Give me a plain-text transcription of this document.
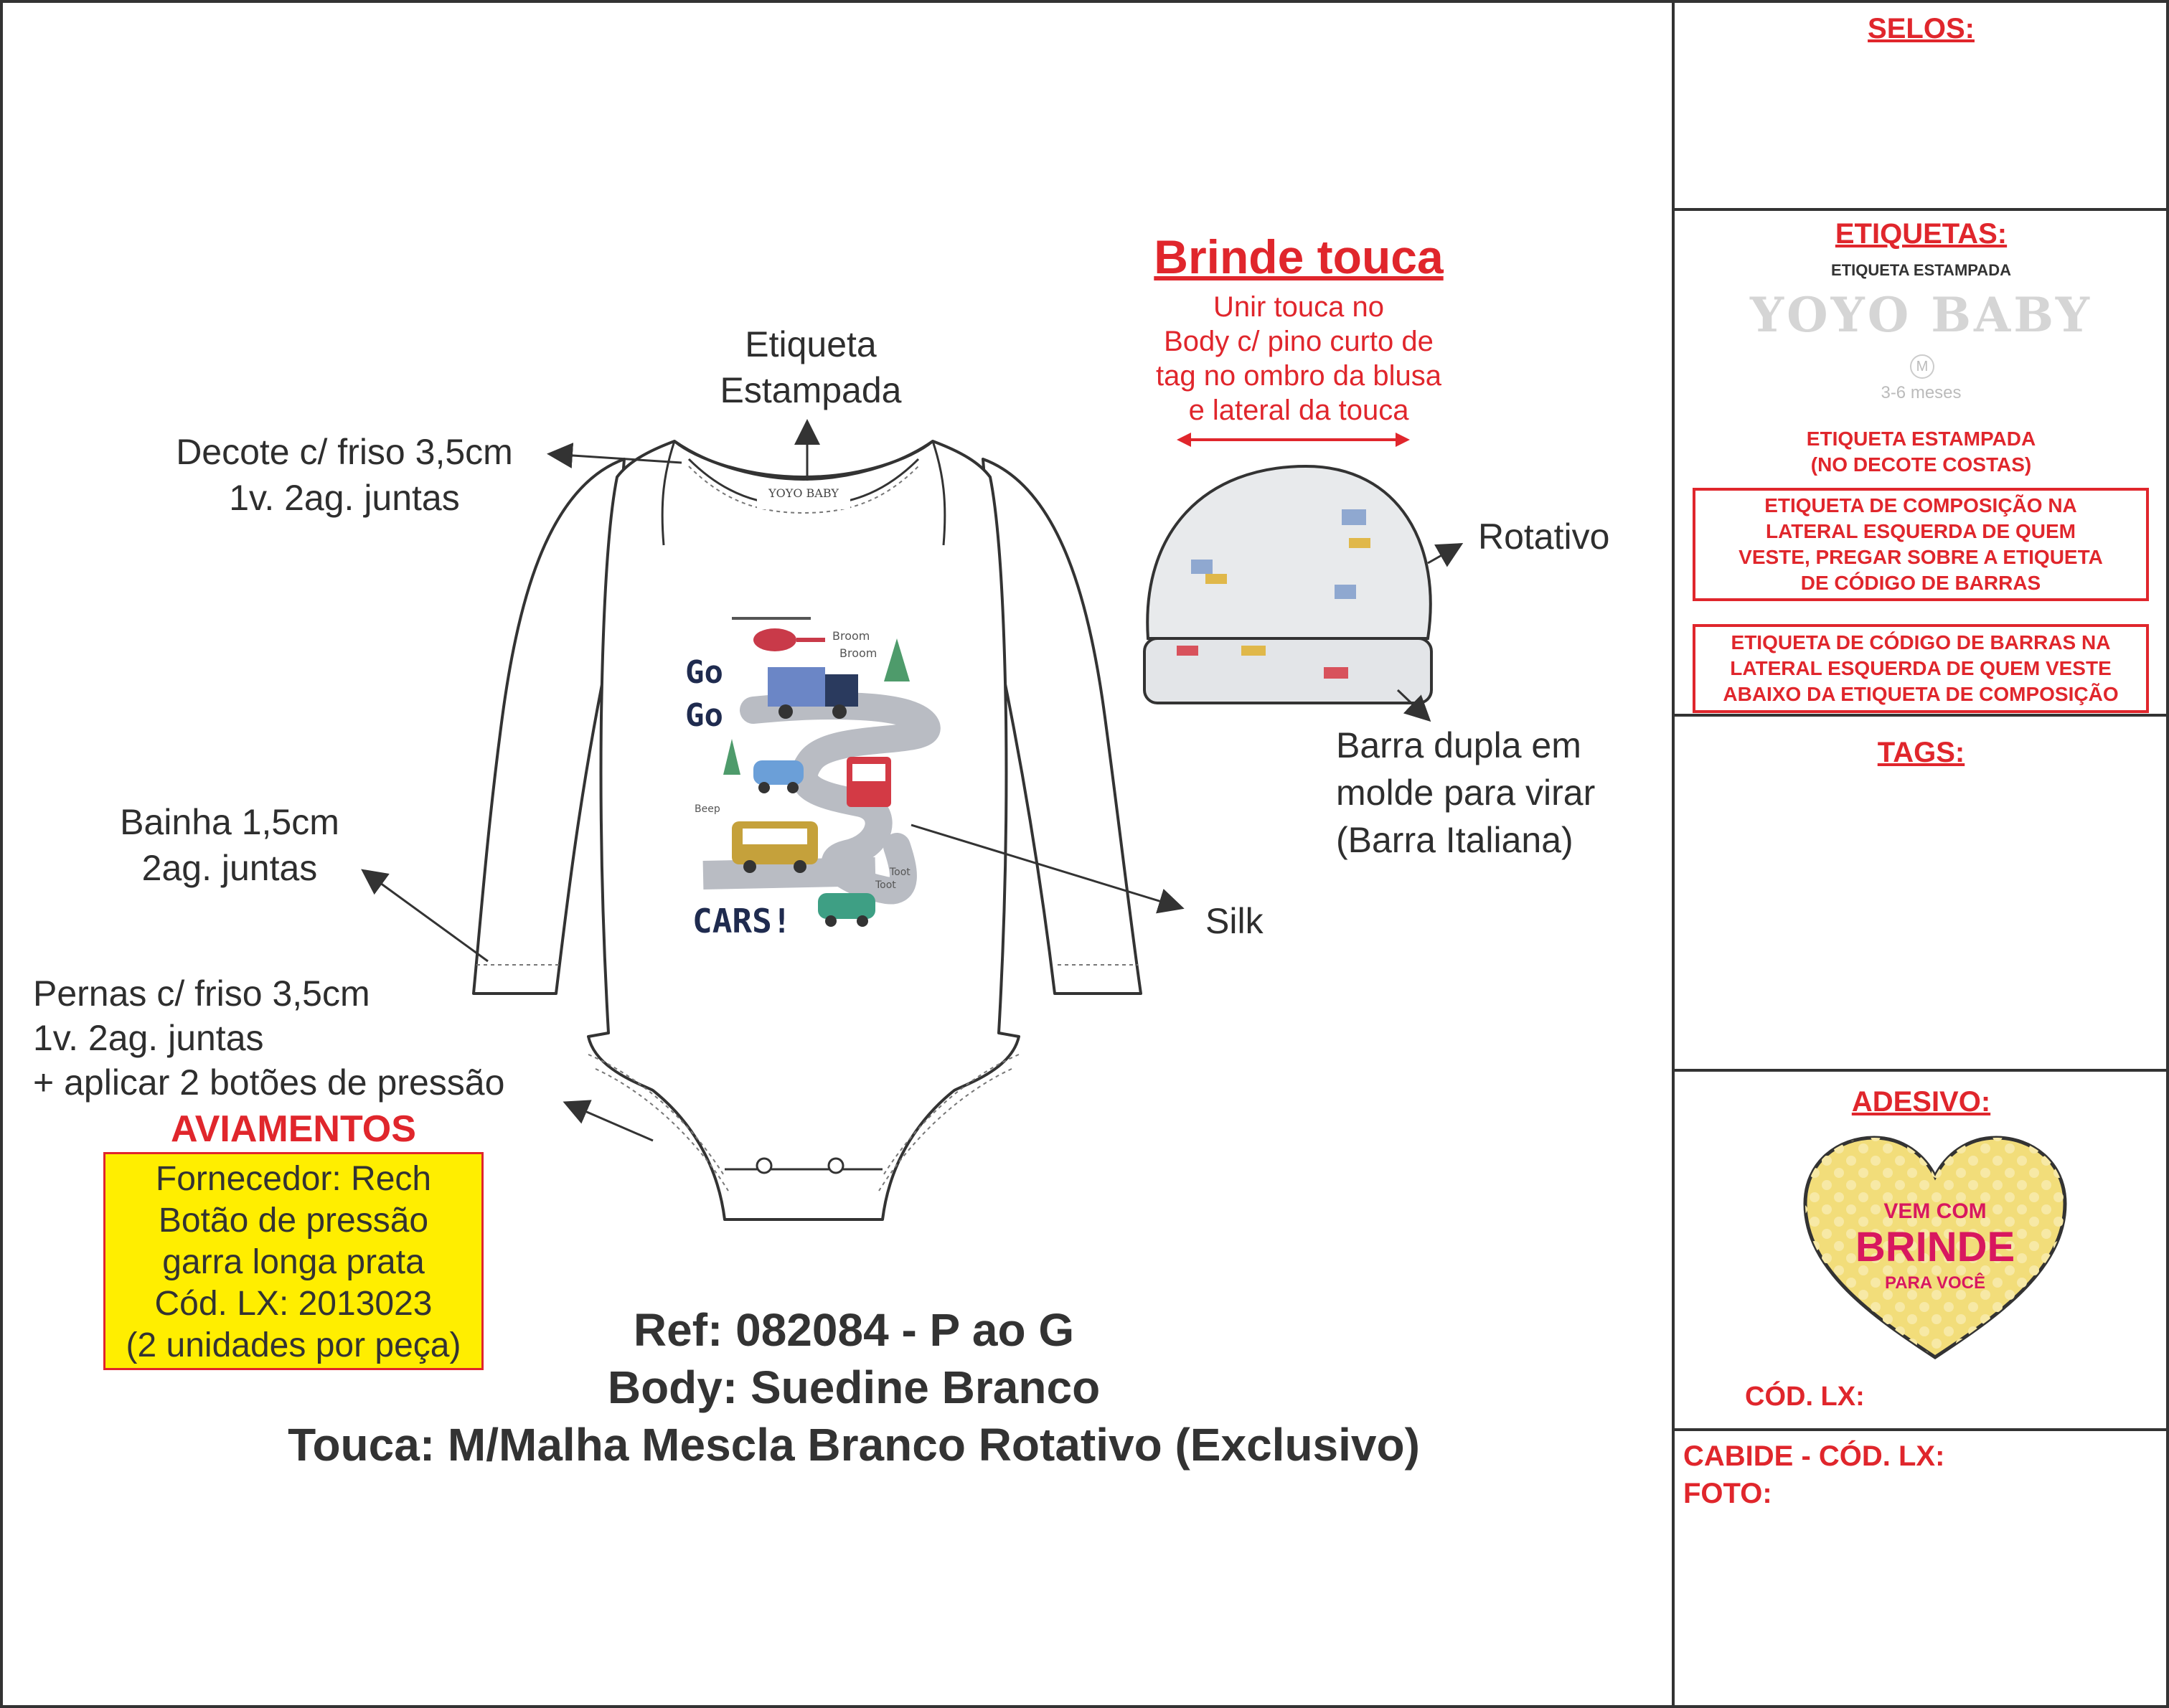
SELOS:
ETIQUETAS:
ETIQUETA ESTAMPADA
YOYO BABY
M
3-6 meses
ETIQUETA ESTAMPADA
(NO DECOTE COSTAS)
ETIQUETA DE COMPOSIÇÃO NA
LATERAL ESQUERDA DE QUEM
VESTE, PREGAR SOBRE A ETIQUETA
DE CÓDIGO DE BARRAS
ETIQUETA DE CÓDIGO DE BARRAS NA
LATERAL ESQUERDA DE QUEM VESTE
ABAIXO DA ETIQUETA DE COMPOSIÇÃO
TAGS:
ADESIVO:
VEM COM
BRINDE
PARA VOCÊ
CÓD. LX:
CABIDE - CÓD. LX:
FOTO:
YOYO BABY
Go
Go
CARS!
Broom
Broom
Beep
Toot
Toot
Etiqueta
Estampada
Decote c/ friso 3,5cm
1v. 2ag. juntas
Bainha 1,5cm
2ag. juntas
Pernas c/ friso 3,5cm
1v. 2ag. juntas
+ aplicar 2 botões de pressão
Silk
Brinde touca
Unir touca no
Body c/ pino curto de
tag no ombro da blusa
e lateral da touca
Rotativo
Barra dupla em
molde para virar
(Barra Italiana)
AVIAMENTOS
Fornecedor: Rech
Botão de pressão
garra longa prata
Cód. LX: 2013023
(2 unidades por peça)	Ref: 082084 - P ao G
Body: Suedine Branco
Touca: M/Malha Mescla Branco Rotativo (Exclusivo)
